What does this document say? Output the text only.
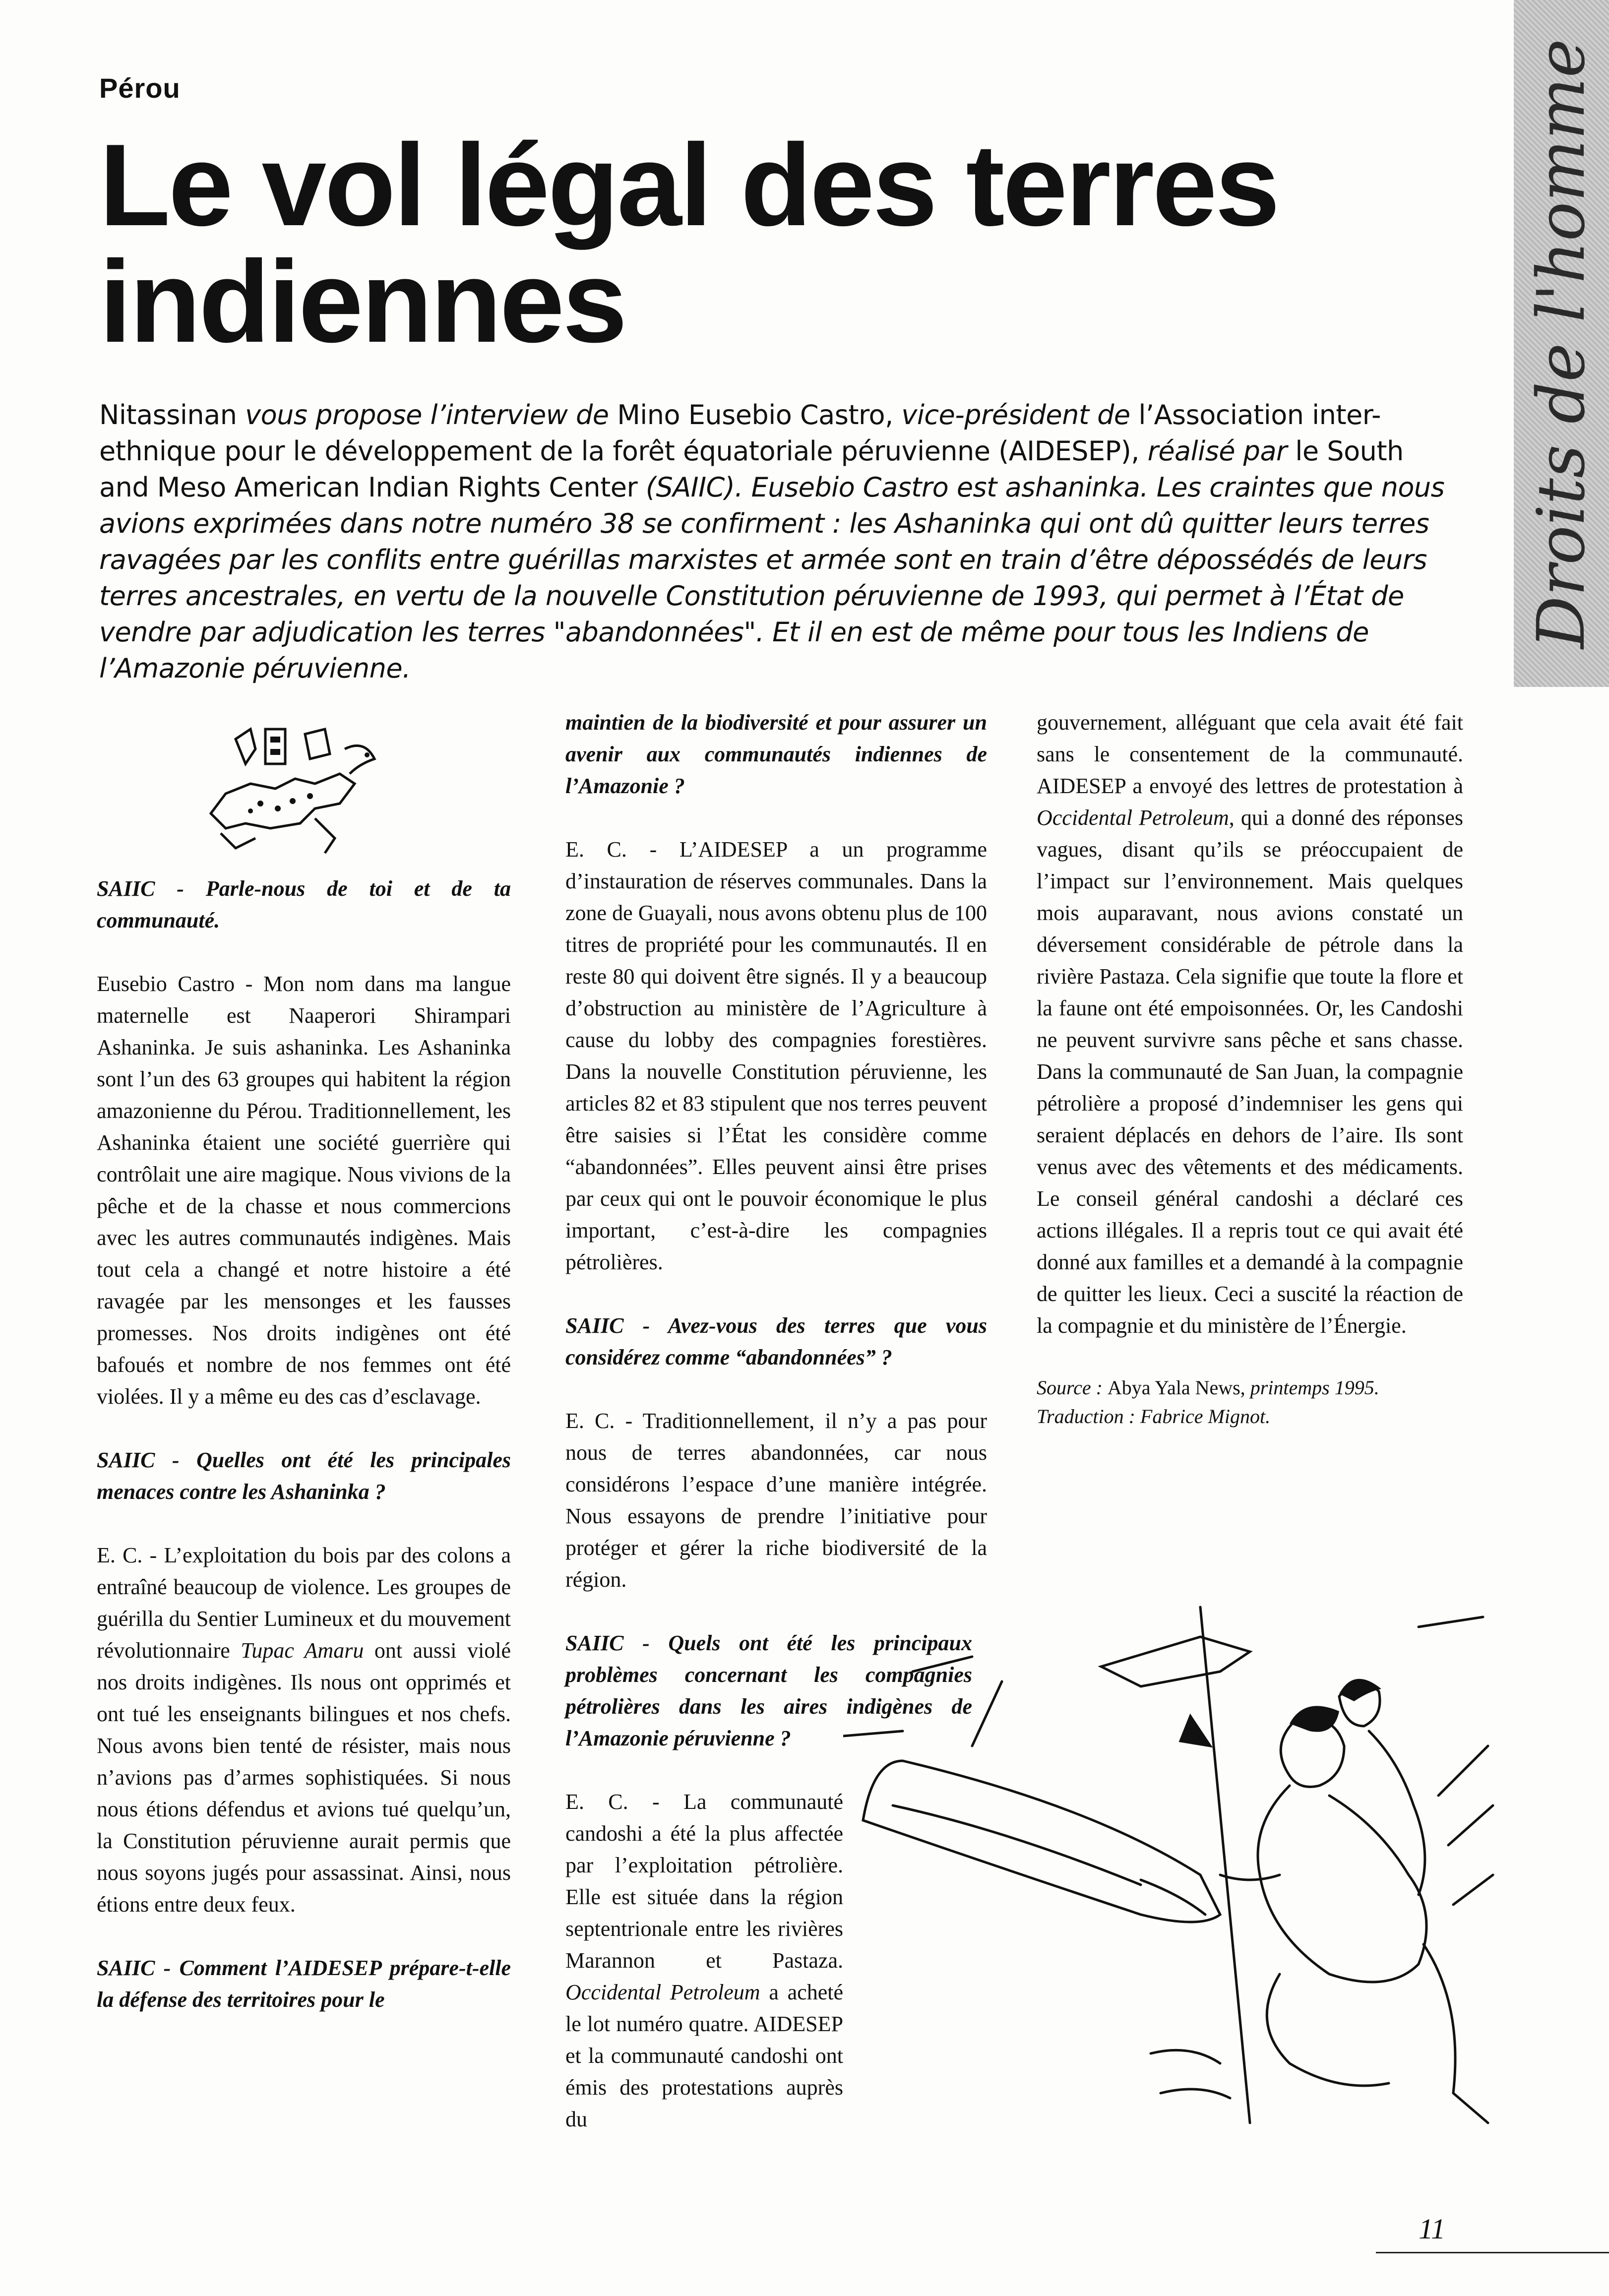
Pérou
Le vol légal des terres indiennes
Nitassinan vous propose l’interview de Mino Eusebio Castro, vice-président de l’Association inter-ethnique pour le développement de la forêt équatoriale péruvienne (AIDESEP), réalisé par le South and Meso American Indian Rights Center (SAIIC). Eusebio Castro est ashaninka. Les craintes que nous avions exprimées dans notre numéro 38 se confirment : les Ashaninka qui ont dû quitter leurs terres ravagées par les conflits entre guérillas marxistes et armée sont en train d’être dépossédés de leurs terres ancestrales, en vertu de la nouvelle Constitution péruvienne de 1993, qui permet à l’État de vendre par adjudication les terres "abandonnées". Et il en est de même pour tous les Indiens de l’Amazonie péruvienne.
Droits de l'homme

SAIIC - Parle-nous de toi et de ta communauté.

Eusebio Castro - Mon nom dans ma langue maternelle est Naaperori Shirampari Ashaninka. Je suis ashaninka. Les Ashaninka sont l’un des 63 groupes qui habitent la région amazonienne du Pérou. Traditionnellement, les Ashaninka étaient une société guerrière qui contrôlait une aire magique. Nous vivions de la pêche et de la chasse et nous commercions avec les autres communautés indigènes. Mais tout cela a changé et notre histoire a été ravagée par les mensonges et les fausses promesses. Nos droits indigènes ont été bafoués et nombre de nos femmes ont été violées. Il y a même eu des cas d’esclavage.

SAIIC - Quelles ont été les principales menaces contre les Ashaninka ?

E. C. - L’exploitation du bois par des colons a entraîné beaucoup de violence. Les groupes de guérilla du Sentier Lumineux et du mouvement révolutionnaire Tupac Amaru ont aussi violé nos droits indigènes. Ils nous ont opprimés et ont tué les enseignants bilingues et nos chefs. Nous avons bien tenté de résister, mais nous n’avions pas d’armes sophistiquées. Si nous nous étions défendus et avions tué quelqu’un, la Constitution péruvienne aurait permis que nous soyons jugés pour assassinat. Ainsi, nous étions entre deux feux.

SAIIC - Comment l’AIDESEP prépare-t-elle la défense des territoires pour le

maintien de la biodiversité et pour assurer un avenir aux communautés indiennes de l’Amazonie ?

E. C. - L’AIDESEP a un programme d’instauration de réserves communales. Dans la zone de Guayali, nous avons obtenu plus de 100 titres de propriété pour les communautés. Il en reste 80 qui doivent être signés. Il y a beaucoup d’obstruction au ministère de l’Agriculture à cause du lobby des compagnies forestières. Dans la nouvelle Constitution péruvienne, les articles 82 et 83 stipulent que nos terres peuvent être saisies si l’État les considère comme “abandonnées”. Elles peuvent ainsi être prises par ceux qui ont le pouvoir économique le plus important, c’est-à-dire les compagnies pétrolières.

SAIIC - Avez-vous des terres que vous considérez comme “abandonnées” ?

E. C. - Traditionnellement, il n’y a pas pour nous de terres abandonnées, car nous considérons l’espace d’une manière intégrée. Nous essayons de prendre l’initiative pour protéger et gérer la riche biodiversité de la région.

SAIIC - Quels ont été les principaux problèmes concernant les compagnies pétrolières dans les aires indigènes de l’Amazonie péruvienne ?

E. C. - La communauté candoshi a été la plus affectée par l’exploitation pétrolière. Elle est située dans la région septentrionale entre les rivières Marannon et Pastaza. Occidental Petroleum a acheté le lot numéro quatre. AIDESEP et la communauté candoshi ont émis des protestations auprès du

gouvernement, alléguant que cela avait été fait sans le consentement de la communauté. AIDESEP a envoyé des lettres de protestation à Occidental Petroleum, qui a donné des réponses vagues, disant qu’ils se préoccupaient de l’impact sur l’environnement. Mais quelques mois auparavant, nous avions constaté un déversement considérable de pétrole dans la rivière Pastaza. Cela signifie que toute la flore et la faune ont été empoisonnées. Or, les Candoshi ne peuvent survivre sans pêche et sans chasse. Dans la communauté de San Juan, la compagnie pétrolière a proposé d’indemniser les gens qui seraient déplacés en dehors de l’aire. Ils sont venus avec des vêtements et des médicaments. Le conseil général candoshi a déclaré ces actions illégales. Il a repris tout ce qui avait été donné aux familles et a demandé à la compagnie de quitter les lieux. Ceci a suscité la réaction de la compagnie et du ministère de l’Énergie.

Source : Abya Yala News, printemps 1995.
Traduction : Fabrice Mignot.

11
